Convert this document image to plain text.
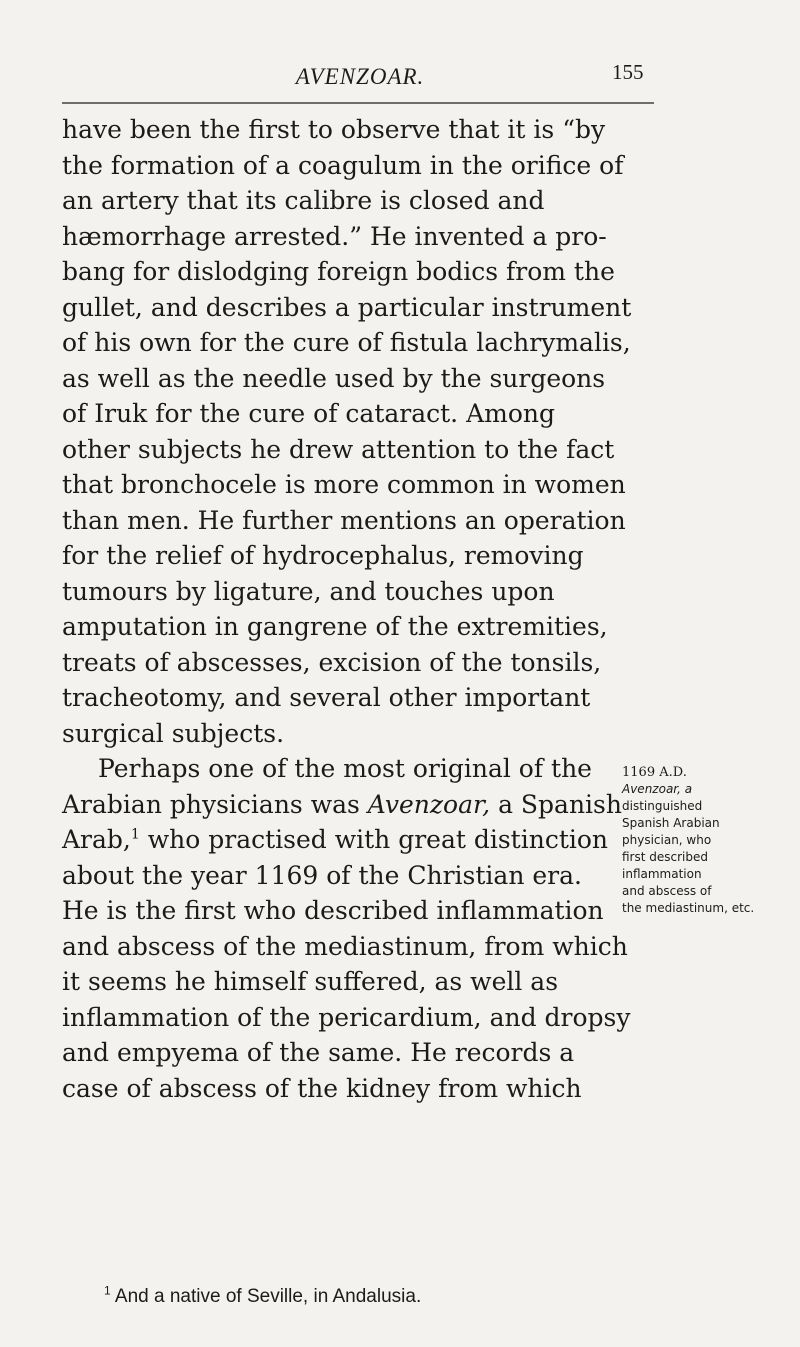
AVENZOAR.	155
have been the first to observe that it is “by
the formation of a coagulum in the orifice of
an artery that its calibre is closed and
hæmorrhage arrested.” He invented a pro-
bang for dislodging foreign bodics from the
gullet, and describes a particular instrument
of his own for the cure of fistula lachrymalis,
as well as the needle used by the surgeons
of Iruk for the cure of cataract. Among
other subjects he drew attention to the fact
that bronchocele is more common in women
than men. He further mentions an operation
for the relief of hydrocephalus, removing
tumours by ligature, and touches upon
amputation in gangrene of the extremities,
treats of abscesses, excision of the tonsils,
tracheotomy, and several other important
surgical subjects.
Perhaps one of the most original of the
Arabian physicians was Avenzoar, a Spanish
Arab,$^1$ who practised with great distinction
about the year 1169 of the Christian era.
He is the first who described inflammation
and abscess of the mediastinum, from which
it seems he himself suffered, as well as
inflammation of the pericardium, and dropsy
and empyema of the same. He records a
case of abscess of the kidney from which
1169 A.D.
Avenzoar, a
distinguished
Spanish Arabian
physician, who
first described
inflammation
and abscess of
the mediastinum, etc.
$^1$ And a native of Seville, in Andalusia.
